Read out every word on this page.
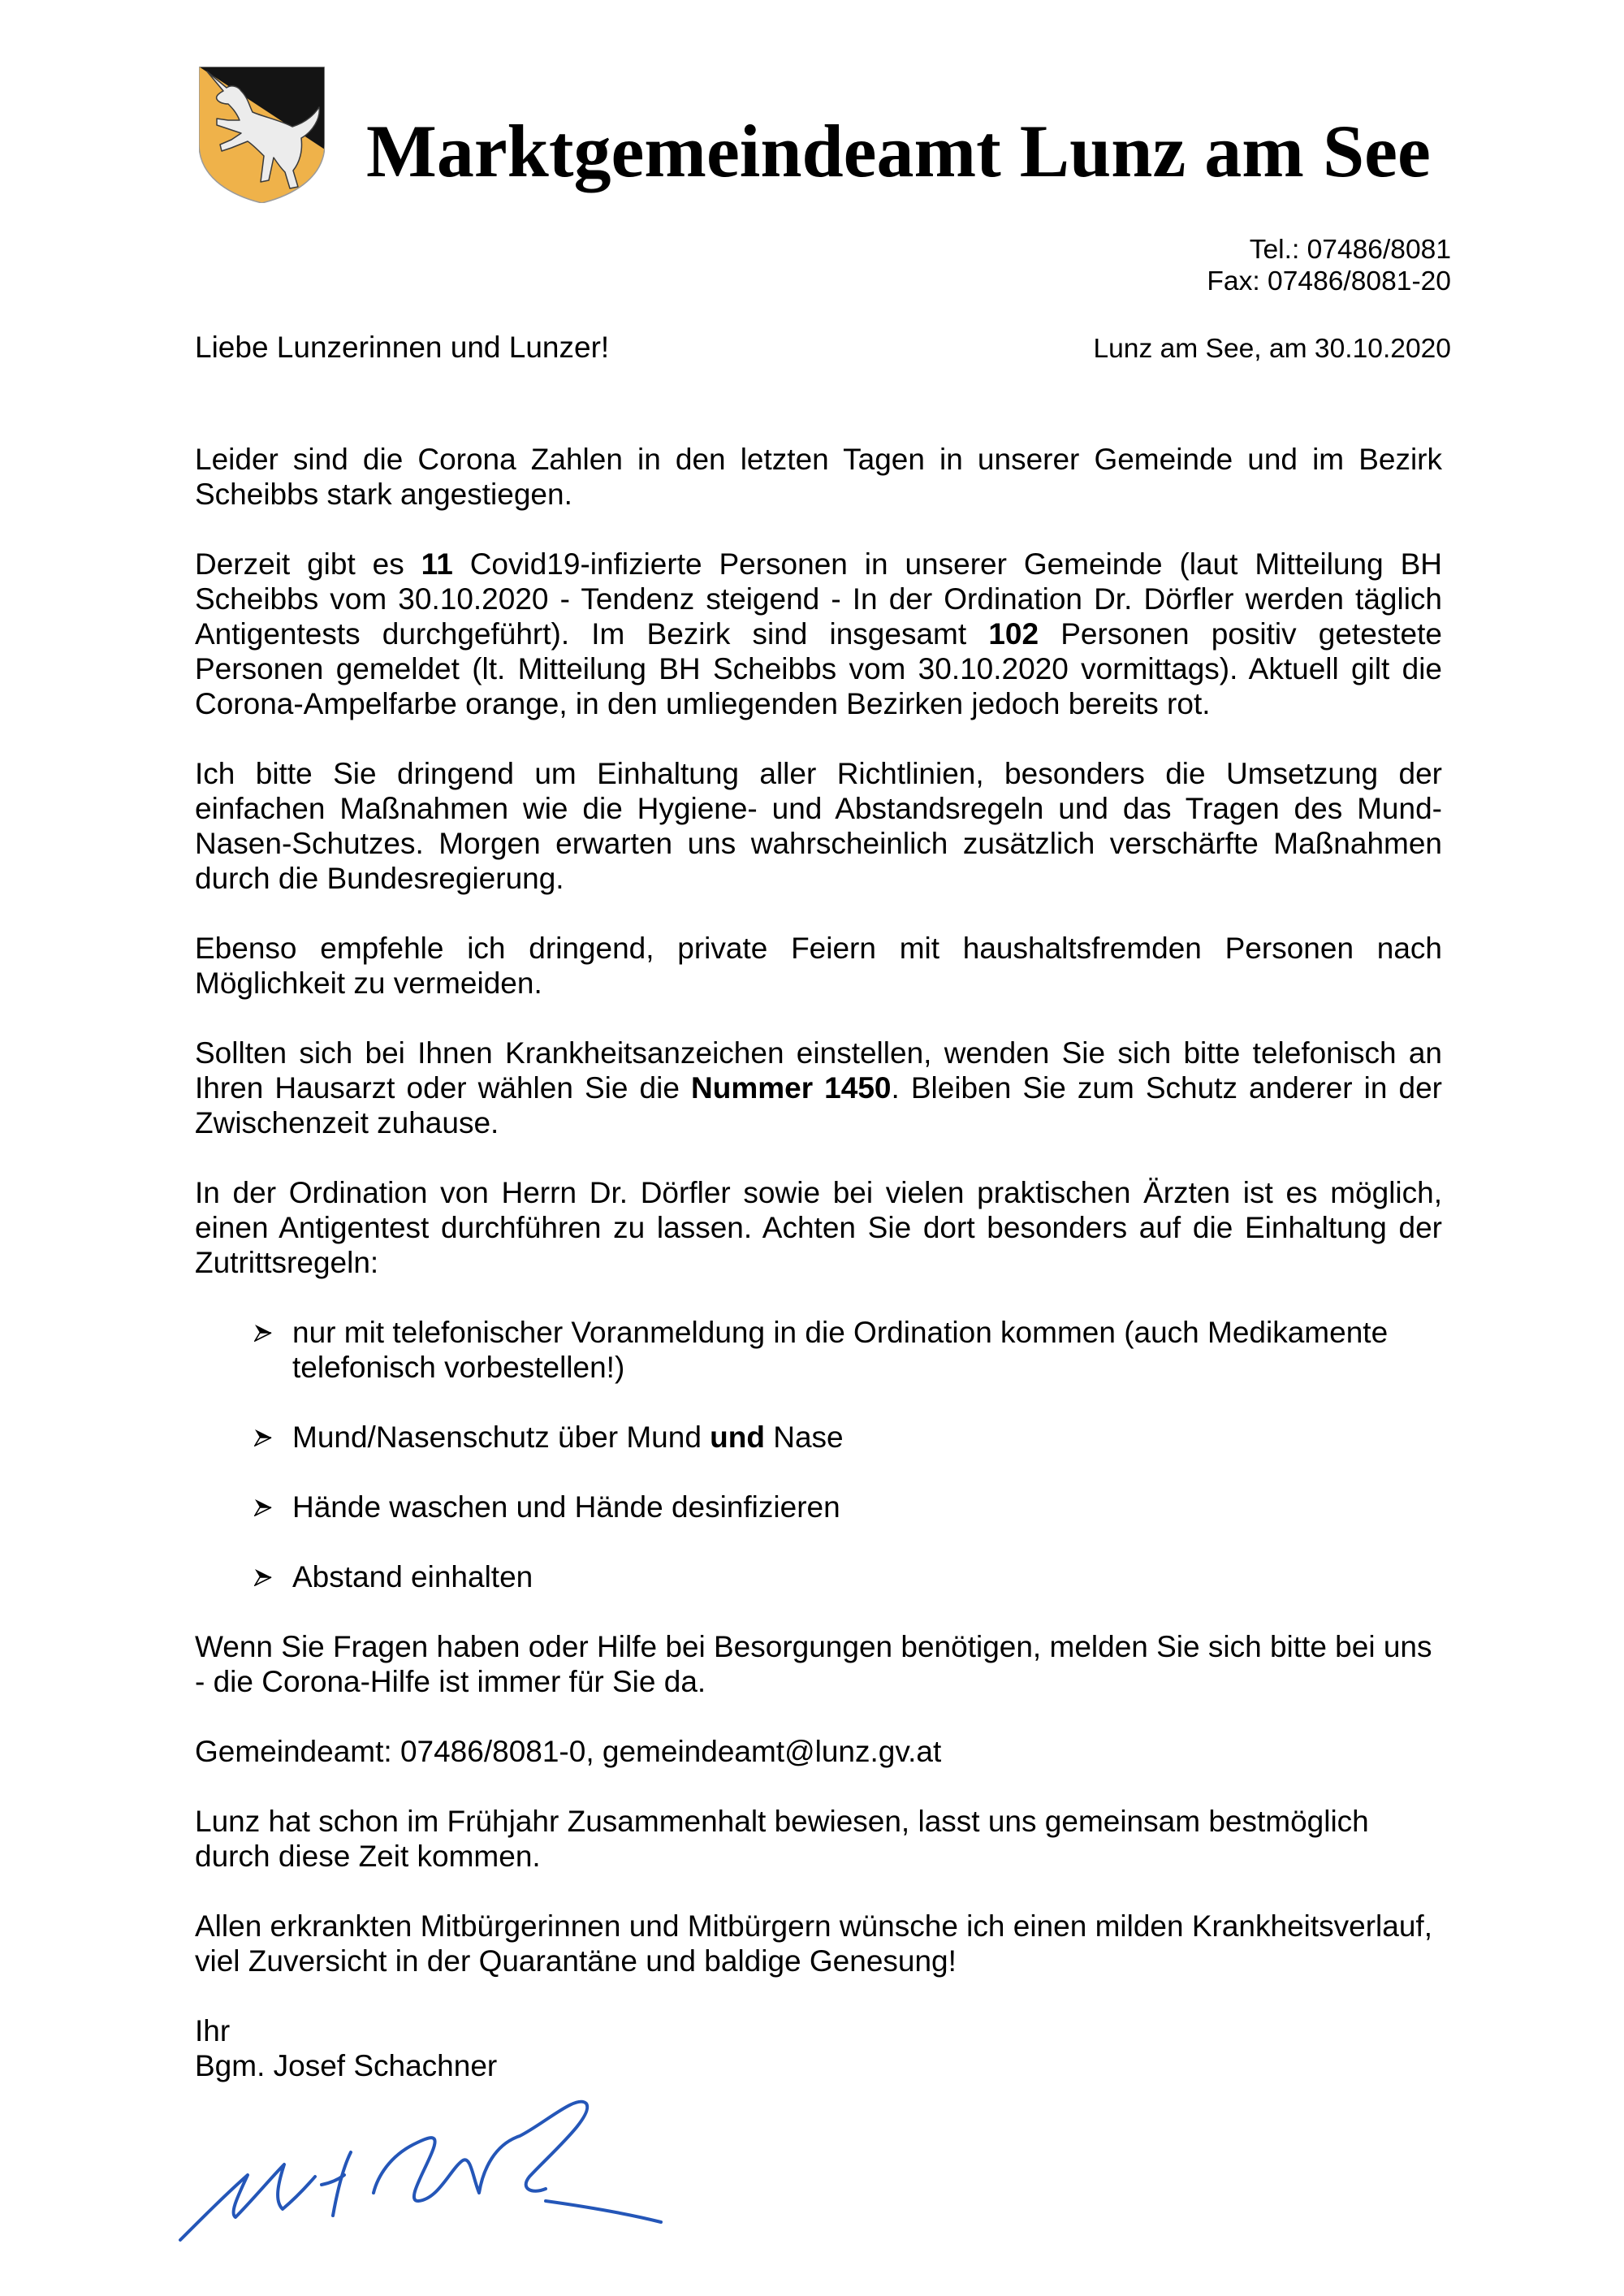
Marktgemeindeamt Lunz am See
Tel.: 07486/8081
Fax: 07486/8081-20
Liebe Lunzerinnen und Lunzer!	Lunz am See, am 30.10.2020
Leider sind die Corona Zahlen in den letzten Tagen in unserer Gemeinde und im Bezirk
Scheibbs stark angestiegen.
Derzeit gibt es 11 Covid19-infizierte Personen in unserer Gemeinde (laut Mitteilung BH
Scheibbs vom 30.10.2020 - Tendenz steigend - In der Ordination Dr. Dörfler werden täglich
Antigentests durchgeführt). Im Bezirk sind insgesamt 102 Personen positiv getestete
Personen gemeldet (lt. Mitteilung BH Scheibbs vom 30.10.2020 vormittags). Aktuell gilt die
Corona-Ampelfarbe orange, in den umliegenden Bezirken jedoch bereits rot.
Ich bitte Sie dringend um Einhaltung aller Richtlinien, besonders die Umsetzung der
einfachen Maßnahmen wie die Hygiene- und Abstandsregeln und das Tragen des Mund-
Nasen-Schutzes. Morgen erwarten uns wahrscheinlich zusätzlich verschärfte Maßnahmen
durch die Bundesregierung.
Ebenso empfehle ich dringend, private Feiern mit haushaltsfremden Personen nach
Möglichkeit zu vermeiden.
Sollten sich bei Ihnen Krankheitsanzeichen einstellen, wenden Sie sich bitte telefonisch an
Ihren Hausarzt oder wählen Sie die Nummer 1450. Bleiben Sie zum Schutz anderer in der
Zwischenzeit zuhause.
In der Ordination von Herrn Dr. Dörfler sowie bei vielen praktischen Ärzten ist es möglich,
einen Antigentest durchführen zu lassen. Achten Sie dort besonders auf die Einhaltung der
Zutrittsregeln:
nur mit telefonischer Voranmeldung in die Ordination kommen (auch Medikamente
telefonisch vorbestellen!)
Mund/Nasenschutz über Mund und Nase
Hände waschen und Hände desinfizieren
Abstand einhalten
Wenn Sie Fragen haben oder Hilfe bei Besorgungen benötigen, melden Sie sich bitte bei uns
- die Corona-Hilfe ist immer für Sie da.
Gemeindeamt: 07486/8081-0, gemeindeamt@lunz.gv.at
Lunz hat schon im Frühjahr Zusammenhalt bewiesen, lasst uns gemeinsam bestmöglich
durch diese Zeit kommen.
Allen erkrankten Mitbürgerinnen und Mitbürgern wünsche ich einen milden Krankheitsverlauf,
viel Zuversicht in der Quarantäne und baldige Genesung!
Ihr
Bgm. Josef Schachner
